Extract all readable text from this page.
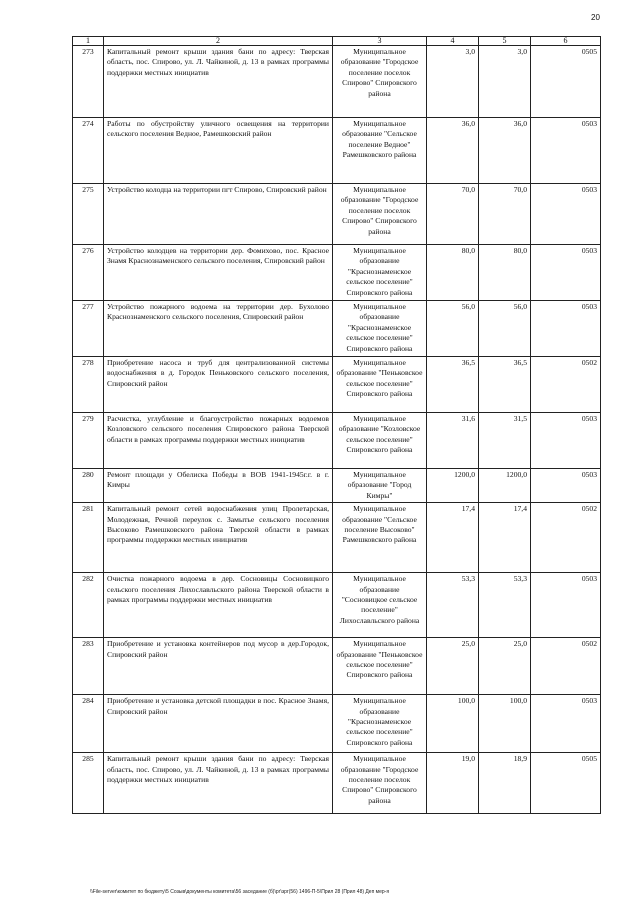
20
1	2	3	4	5	6
273	Капитальный ремонт крыши здания бани по адресу: Тверская область, пос. Спирово, ул. Л. Чайкиной, д. 13 в рамках программы поддержки местных инициатив	Муниципальное образование "Городское поселение поселок Спирово" Спировского района	3,0	3,0	0505
274	Работы по обустройству уличного освещения на территории сельского поселения Ведное, Рамешковский район	Муниципальное образование "Сельское поселение Ведное" Рамешковского района	36,0	36,0	0503
275	Устройство колодца на территории пгт Спирово, Спировский район	Муниципальное образование "Городское поселение поселок Спирово" Спировского района	70,0	70,0	0503
276	Устройство колодцев на территории дер. Фомихово, пос. Красное Знамя Краснознаменского сельского поселения, Спировский район	Муниципальное образование "Краснознаменское сельское поселение" Спировского района	80,0	80,0	0503
277	Устройство пожарного водоема на территории дер. Бухолово Краснознаменского сельского поселения, Спировский район	Муниципальное образование "Краснознаменское сельское поселение" Спировского района	56,0	56,0	0503
278	Приобретение насоса и труб для централизованной системы водоснабжения в д. Городок Пеньковского сельского поселения, Спировский район	Муниципальное образование "Пеньковское сельское поселение" Спировского района	36,5	36,5	0502
279	Расчистка, углубление и благоустройство пожарных водоемов Козловского сельского поселения Спировского района Тверской области в рамках программы поддержки местных инициатив	Муниципальное образование "Козловское сельское поселение" Спировского района	31,6	31,5	0503
280	Ремонт площади у Обелиска Победы в ВОВ 1941-1945г.г. в г. Кимры	Муниципальное образование "Город Кимры"	1200,0	1200,0	0503
281	Капитальный ремонт сетей водоснабжения улиц Пролетарская, Молодежная, Речной переулок с. Замытье сельского поселения Высоково Рамешковского района Тверской области в рамках программы поддержки местных инициатив	Муниципальное образование "Сельское поселение Высоково" Рамешковского района	17,4	17,4	0502
282	Очистка пожарного водоема в дер. Сосновицы Сосновицкого сельского поселения Лихославльского района Тверской области в рамках программы поддержки местных инициатив	Муниципальное образование "Сосновицкое сельское поселение" Лихославльского района	53,3	53,3	0503
283	Приобретение и установка контейнеров под мусор в дер.Городок, Спировский район	Муниципальное образование "Пеньковское сельское поселение" Спировского района	25,0	25,0	0502
284	Приобретение и установка детской площадки в пос. Красное Знамя, Спировский район	Муниципальное образование "Краснознаменское сельское поселение" Спировского района	100,0	100,0	0503
285	Капитальный ремонт крыши здания бани по адресу: Тверская область, пос. Спирово, ул. Л. Чайкиной, д. 13 в рамках программы поддержки местных инициатив	Муниципальное образование "Городское поселение поселок Спирово" Спировского района	19,0	18,9	0505
\\File-server\комитет по бюджету\5 Созыв\документы комитета\56 заседание (б)\рг\зрг(56) 1496-П-5\Прил 28 (Прил 48) Деп мер-я
